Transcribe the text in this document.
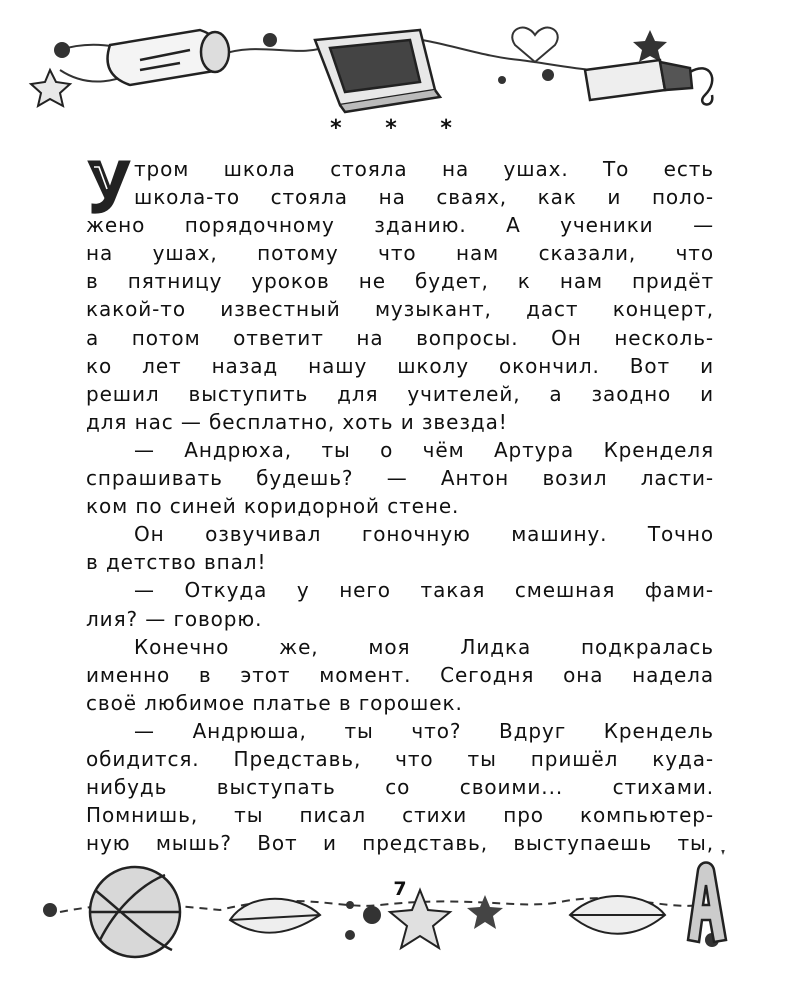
* * *
У	тром школа стояла на ушах. То есть
школа-то стояла на сваях, как и поло-
жено порядочному зданию. А ученики —
на ушах, потому что нам сказали, что
в пятницу уроков не будет, к нам придёт
какой-то известный музыкант, даст концерт,
а потом ответит на вопросы. Он несколь-
ко лет назад нашу школу окончил. Вот и
решил выступить для учителей, а заодно и
для нас — бесплатно, хоть и звезда!
— Андрюха, ты о чём Артура Кренделя
спрашивать будешь? — Антон возил ласти-
ком по синей коридорной стене.
Он озвучивал гоночную машину. Точно
в детство впал!
— Откуда у него такая смешная фами-
лия? — говорю.
Конечно же, моя Лидка подкралась
именно в этот момент. Сегодня она надела
своё любимое платье в горошек.
— Андрюша, ты что? Вдруг Крендель
обидится. Представь, что ты пришёл куда-
нибудь выступать со своими... стихами.
Помнишь, ты писал стихи про компьютер-
ную мышь? Вот и представь, выступаешь ты,
7
